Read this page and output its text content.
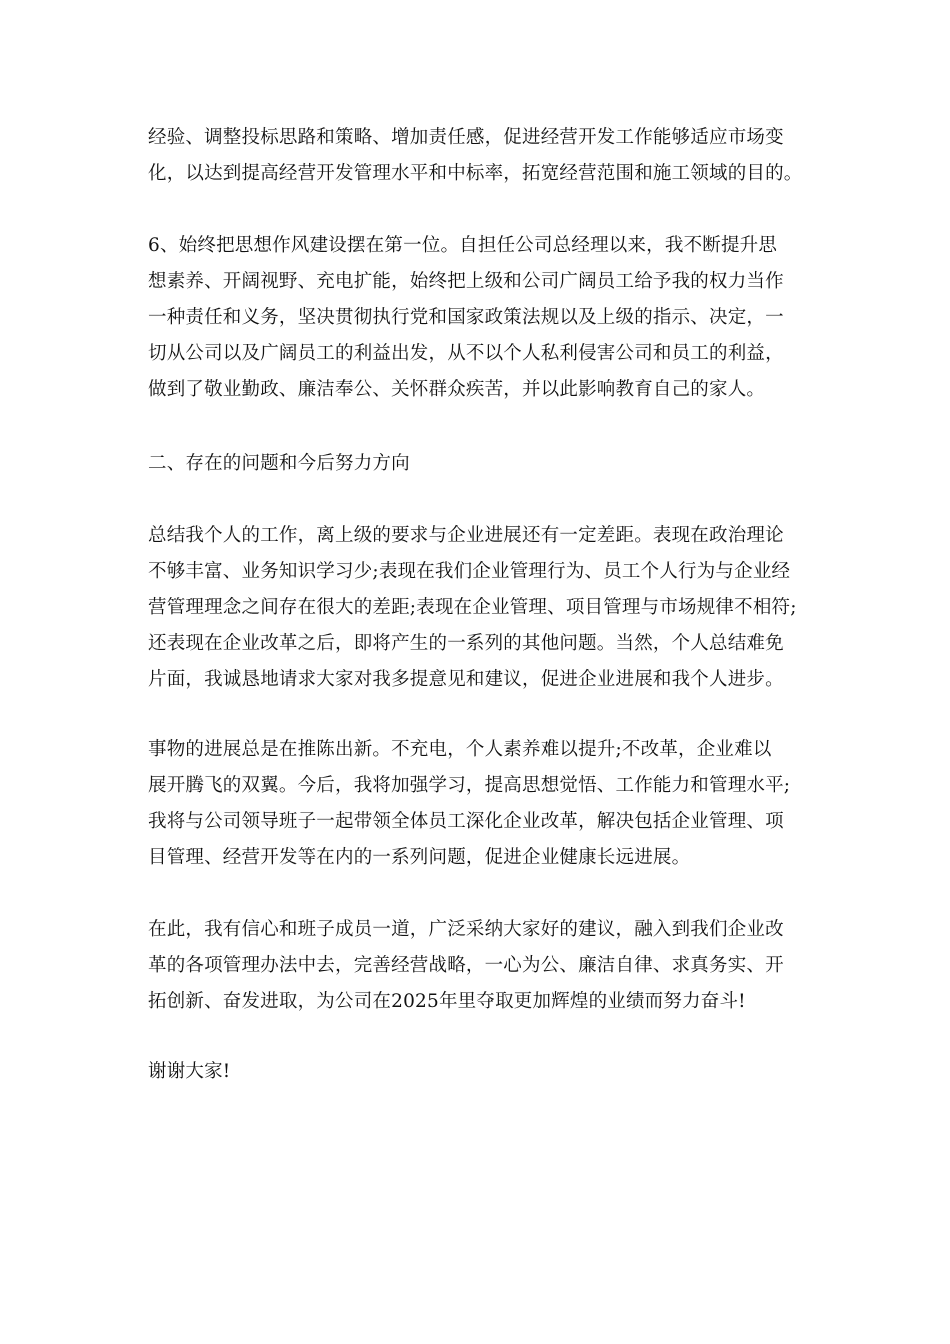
经验、调整投标思路和策略、增加责任感，促进经营开发工作能够适应市场变
化，以达到提高经营开发管理水平和中标率，拓宽经营范围和施工领域的目的。
6、始终把思想作风建设摆在第一位。自担任公司总经理以来，我不断提升思
想素养、开阔视野、充电扩能，始终把上级和公司广阔员工给予我的权力当作
一种责任和义务，坚决贯彻执行党和国家政策法规以及上级的指示、决定，一
切从公司以及广阔员工的利益出发，从不以个人私利侵害公司和员工的利益，
做到了敬业勤政、廉洁奉公、关怀群众疾苦，并以此影响教育自己的家人。
二、存在的问题和今后努力方向
总结我个人的工作，离上级的要求与企业进展还有一定差距。表现在政治理论
不够丰富、业务知识学习少;表现在我们企业管理行为、员工个人行为与企业经
营管理理念之间存在很大的差距;表现在企业管理、项目管理与市场规律不相符;
还表现在企业改革之后，即将产生的一系列的其他问题。当然，个人总结难免
片面，我诚恳地请求大家对我多提意见和建议，促进企业进展和我个人进步。
事物的进展总是在推陈出新。不充电，个人素养难以提升;不改革，企业难以
展开腾飞的双翼。今后，我将加强学习，提高思想觉悟、工作能力和管理水平;
我将与公司领导班子一起带领全体员工深化企业改革，解决包括企业管理、项
目管理、经营开发等在内的一系列问题，促进企业健康长远进展。
在此，我有信心和班子成员一道，广泛采纳大家好的建议，融入到我们企业改
革的各项管理办法中去，完善经营战略，一心为公、廉洁自律、求真务实、开
拓创新、奋发进取，为公司在2025年里夺取更加辉煌的业绩而努力奋斗!
谢谢大家!
